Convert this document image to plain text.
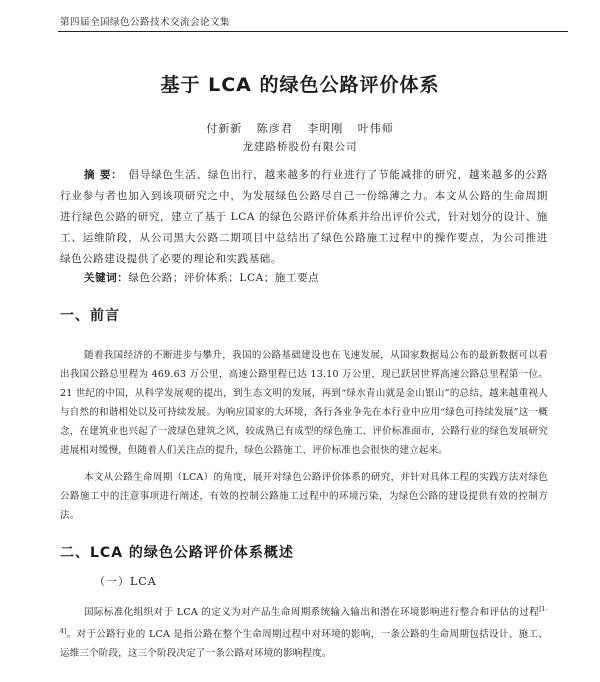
第四届全国绿色公路技术交流会论文集
基于 LCA 的绿色公路评价体系
付新新 陈彦君 李明刚 叶伟师
龙建路桥股份有限公司
摘 要： 倡导绿色生活、绿色出行，越来越多的行业进行了节能减排的研究，越来越多的公路行业参与者也加入到该项研究之中，为发展绿色公路尽自己一份绵薄之力。本文从公路的生命周期进行绿色公路的研究，建立了基于 LCA 的绿色公路评价体系并给出评价公式，针对划分的设计、施工、运维阶段，从公司黑大公路二期项目中总结出了绿色公路施工过程中的操作要点，为公司推进绿色公路建设提供了必要的理论和实践基础。
关键词：绿色公路；评价体系；LCA；施工要点
一、前言
随着我国经济的不断进步与攀升，我国的公路基础建设也在飞速发展，从国家数据局公布的最新数据可以看出我国公路总里程为 469.63 万公里，高速公路里程已达 13.10 万公里，现已跃居世界高速公路总里程第一位。21 世纪的中国，从科学发展观的提出，到生态文明的发展，再到“绿水青山就是金山银山”的总结，越来越重视人与自然的和谐相处以及可持续发展。为响应国家的大环境，各行各业争先在本行业中应用“绿色可持续发展”这一概念，在建筑业也兴起了一波绿色建筑之风，较成熟已有成型的绿色施工、评价标准面市，公路行业的绿色发展研究进展相对缓慢，但随着人们关注点的提升，绿色公路施工、评价标准也会很快的建立起来。
本文从公路生命周期（LCA）的角度，展开对绿色公路评价体系的研究，并针对具体工程的实践方法对绿色公路施工中的注意事项进行阐述，有效的控制公路施工过程中的环境污染，为绿色公路的建设提供有效的控制方法。
二、LCA 的绿色公路评价体系概述
（一）LCA
国际标准化组织对于 LCA 的定义为对产品生命周期系统输入输出和潜在环境影响进行整合和评估的过程[1-4]。对于公路行业的 LCA 是指公路在整个生命周期过程中对环境的影响，一条公路的生命周期包括设计、施工、运维三个阶段，这三个阶段决定了一条公路对环境的影响程度。
